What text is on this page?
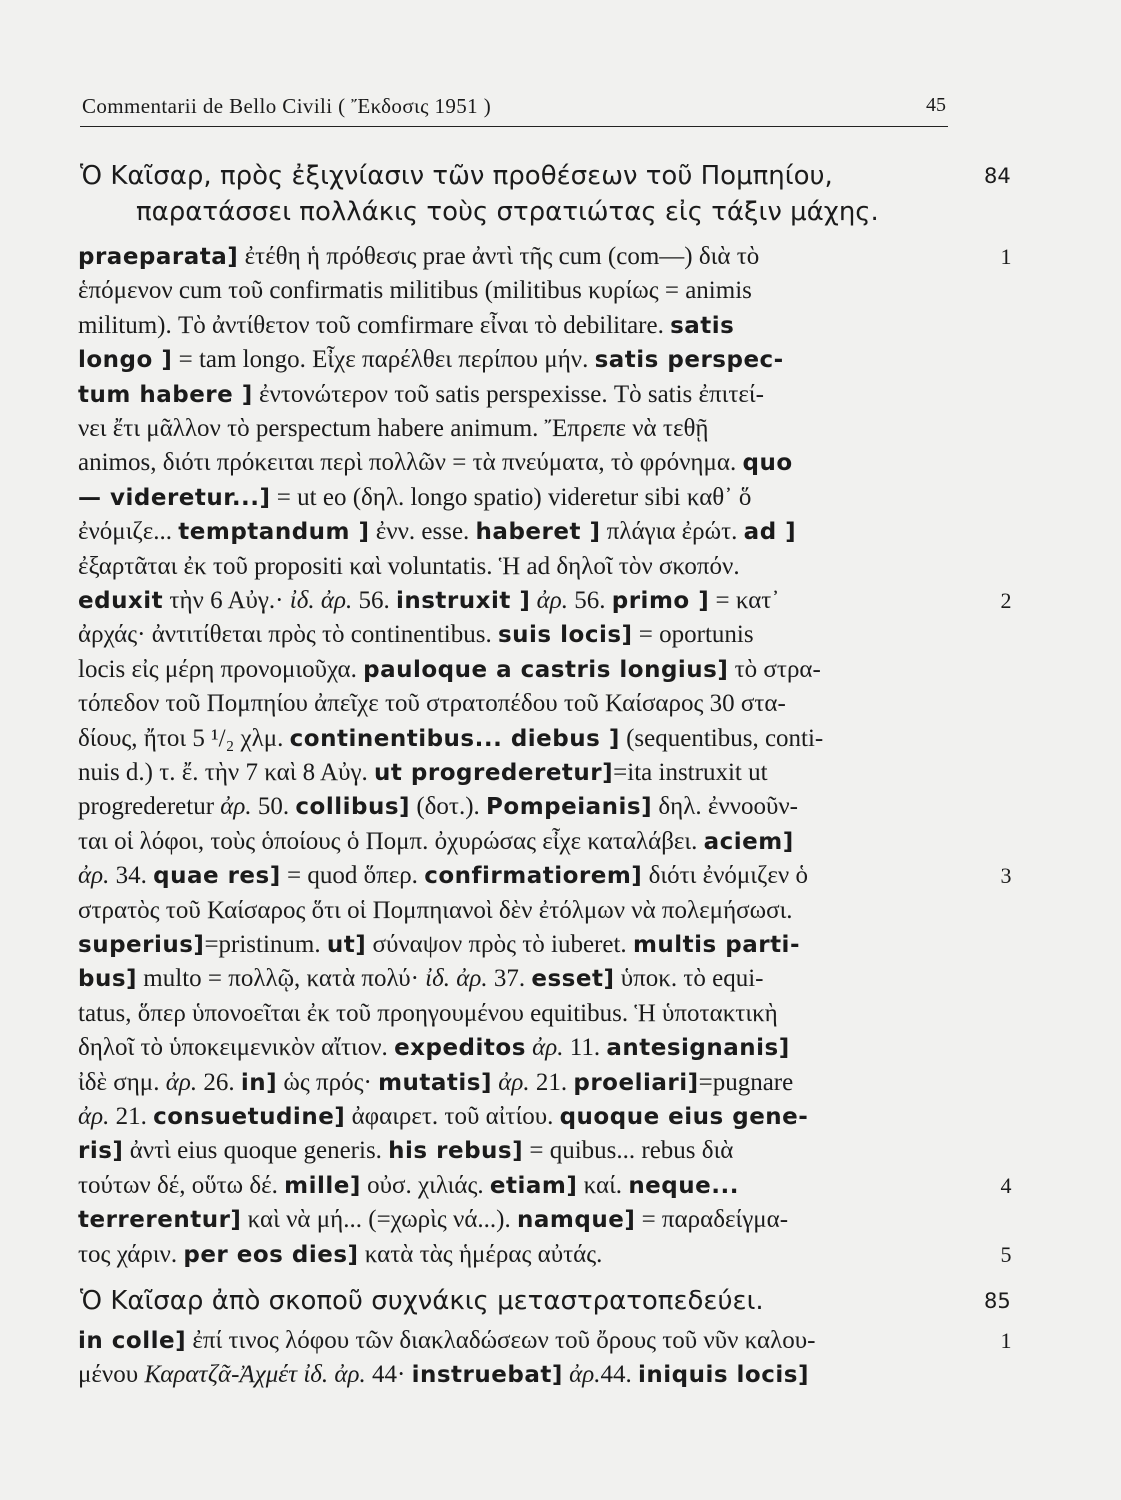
Commentarii de Bello Civili ( Ἔκδοσις 1951 )	45
Ὁ Καῖσαρ, πρὸς ἐξιχνίασιν τῶν προθέσεων τοῦ Πομπηίου,
παρατάσσει πολλάκις τοὺς στρατιώτας εἰς τάξιν μάχης.
84
praeparata] ἐτέθη ἡ πρόθεσις prae ἀντὶ τῆς cum (com—) διὰ τὸ
ἑπόμενον cum τοῦ confirmatis militibus (militibus κυρίως = animis
militum). Τὸ ἀντίθετον τοῦ comfirmare εἶναι τὸ debilitare. satis
longo ] = tam longo. Εἶχε παρέλθει περίπου μήν. satis perspec-
tum habere ] ἐντονώτερον τοῦ satis perspexisse. Τὸ satis ἐπιτεί-
νει ἔτι μᾶλλον τὸ perspectum habere animum. Ἔπρεπε νὰ τεθῇ
animos, διότι πρόκειται περὶ πολλῶν = τὰ πνεύματα, τὸ φρόνημα. quo
— videretur...] = ut eo (δηλ. longo spatio) videretur sibi καθ᾽ ὅ
ἐνόμιζε... temptandum ] ἐνν. esse. haberet ] πλάγια ἐρώτ. ad ]
ἐξαρτᾶται ἐκ τοῦ propositi καὶ voluntatis. Ἡ ad δηλοῖ τὸν σκοπόν.
eduxit τὴν 6 Αὐγ.· ἰδ. ἀρ. 56. instruxit ] ἀρ. 56. primo ] = κατ᾽
ἀρχάς· ἀντιτίθεται πρὸς τὸ continentibus. suis locis] = oportunis
locis εἰς μέρη προνομιοῦχα. pauloque a castris longius] τὸ στρα-
τόπεδον τοῦ Πομπηίου ἀπεῖχε τοῦ στρατοπέδου τοῦ Καίσαρος 30 στα-
δίους, ἤτοι 5 ¹/₂ χλμ. continentibus... diebus ] (sequentibus, conti-
nuis d.) τ. ἔ. τὴν 7 καὶ 8 Αὐγ. ut progrederetur]=ita instruxit ut
progrederetur ἀρ. 50. collibus] (δοτ.). Pompeianis] δηλ. ἐννοοῦν-
ται οἱ λόφοι, τοὺς ὁποίους ὁ Πομπ. ὀχυρώσας εἶχε καταλάβει. aciem]
ἀρ. 34. quae res] = quod ὅπερ. confirmatiorem] διότι ἐνόμιζεν ὁ
στρατὸς τοῦ Καίσαρος ὅτι οἱ Πομπηιανοὶ δὲν ἐτόλμων νὰ πολεμήσωσι.
superius]=pristinum. ut] σύναψον πρὸς τὸ iuberet. multis parti-
bus] multo = πολλῷ, κατὰ πολύ· ἰδ. ἀρ. 37. esset] ὑποκ. τὸ equi-
tatus, ὅπερ ὑπονοεῖται ἐκ τοῦ προηγουμένου equitibus. Ἡ ὑποτακτικὴ
δηλοῖ τὸ ὑποκειμενικὸν αἴτιον. expeditos ἀρ. 11. antesignanis]
ἰδὲ σημ. ἀρ. 26. in] ὡς πρός· mutatis] ἀρ. 21. proeliari]=pugnare
ἀρ. 21. consuetudine] ἀφαιρετ. τοῦ αἰτίου. quoque eius gene-
ris] ἀντὶ eius quoque generis. his rebus] = quibus... rebus διὰ
τούτων δέ, οὕτω δέ. mille] οὐσ. χιλιάς. etiam] καί. neque...
terrerentur] καὶ νὰ μή... (=χωρὶς νά...). namque] = παραδείγμα-
τος χάριν. per eos dies] κατὰ τὰς ἡμέρας αὐτάς.
1
2
3
4
5
Ὁ Καῖσαρ ἀπὸ σκοποῦ συχνάκις μεταστρατοπεδεύει.	85
in colle] ἐπί τινος λόφου τῶν διακλαδώσεων τοῦ ὄρους τοῦ νῦν καλου-
μένου Καρατζᾶ-Ἀχμέτ ἰδ. ἀρ. 44· instruebat] ἀρ.44. iniquis locis]
1
